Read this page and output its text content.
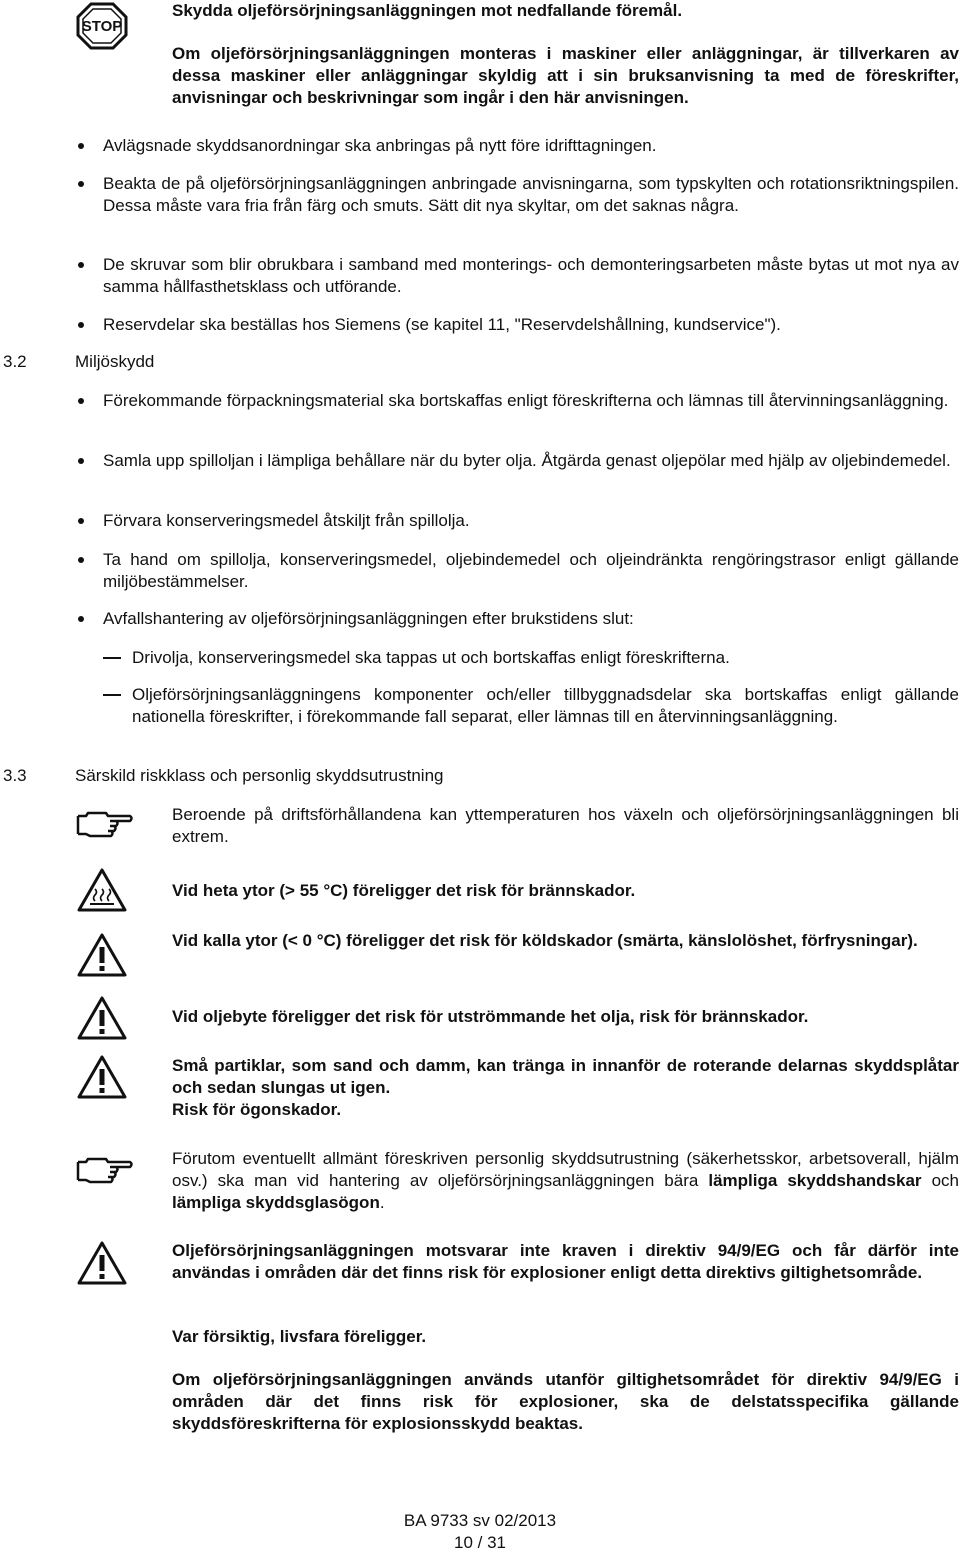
STOP
Skydda oljeförsörjningsanläggningen mot nedfallande föremål.
Om oljeförsörjningsanläggningen monteras i maskiner eller anläggningar, är tillverkaren av dessa maskiner eller anläggningar skyldig att i sin bruksanvisning ta med de föreskrifter, anvisningar och beskrivningar som ingår i den här anvisningen.
Avlägsnade skyddsanordningar ska anbringas på nytt före idrifttagningen.
Beakta de på oljeförsörjningsanläggningen anbringade anvisningarna, som typskylten och rotationsriktningspilen. Dessa måste vara fria från färg och smuts. Sätt dit nya skyltar, om det saknas några.
De skruvar som blir obrukbara i samband med monterings- och demonteringsarbeten måste bytas ut mot nya av samma hållfasthetsklass och utförande.
Reservdelar ska beställas hos Siemens (se kapitel 11, "Reservdelshållning, kundservice").
3.2	Miljöskydd
Förekommande förpackningsmaterial ska bortskaffas enligt föreskrifterna och lämnas till återvinningsanläggning.
Samla upp spilloljan i lämpliga behållare när du byter olja. Åtgärda genast oljepölar med hjälp av oljebindemedel.
Förvara konserveringsmedel åtskiljt från spillolja.
Ta hand om spillolja, konserveringsmedel, oljebindemedel och oljeindränkta rengöringstrasor enligt gällande miljöbestämmelser.
Avfallshantering av oljeförsörjningsanläggningen efter brukstidens slut:
Drivolja, konserveringsmedel ska tappas ut och bortskaffas enligt föreskrifterna.
Oljeförsörjningsanläggningens komponenter och/eller tillbyggnadsdelar ska bortskaffas enligt gällande nationella föreskrifter, i förekommande fall separat, eller lämnas till en återvinningsanläggning.
3.3	Särskild riskklass och personlig skyddsutrustning
Beroende på driftsförhållandena kan yttemperaturen hos växeln och oljeförsörjningsanläggningen bli extrem.
Vid heta ytor (> 55 °C) föreligger det risk för brännskador.
Vid kalla ytor (< 0 °C) föreligger det risk för köldskador (smärta, känslolöshet, förfrysningar).
Vid oljebyte föreligger det risk för utströmmande het olja, risk för brännskador.
Små partiklar, som sand och damm, kan tränga in innanför de roterande delarnas skyddsplåtar och sedan slungas ut igen.
Risk för ögonskador.
Förutom eventuellt allmänt föreskriven personlig skyddsutrustning (säkerhetsskor, arbetsoverall, hjälm osv.) ska man vid hantering av oljeförsörjningsanläggningen bära lämpliga skyddshandskar och lämpliga skyddsglasögon.
Oljeförsörjningsanläggningen motsvarar inte kraven i direktiv 94/9/EG och får därför inte användas i områden där det finns risk för explosioner enligt detta direktivs giltighetsområde.
Var försiktig, livsfara föreligger.
Om oljeförsörjningsanläggningen används utanför giltighetsområdet för direktiv 94/9/EG i områden där det finns risk för explosioner, ska de delstatsspecifika gällande skyddsföreskrifterna för explosionsskydd beaktas.
BA 9733 sv 02/2013
10 / 31
